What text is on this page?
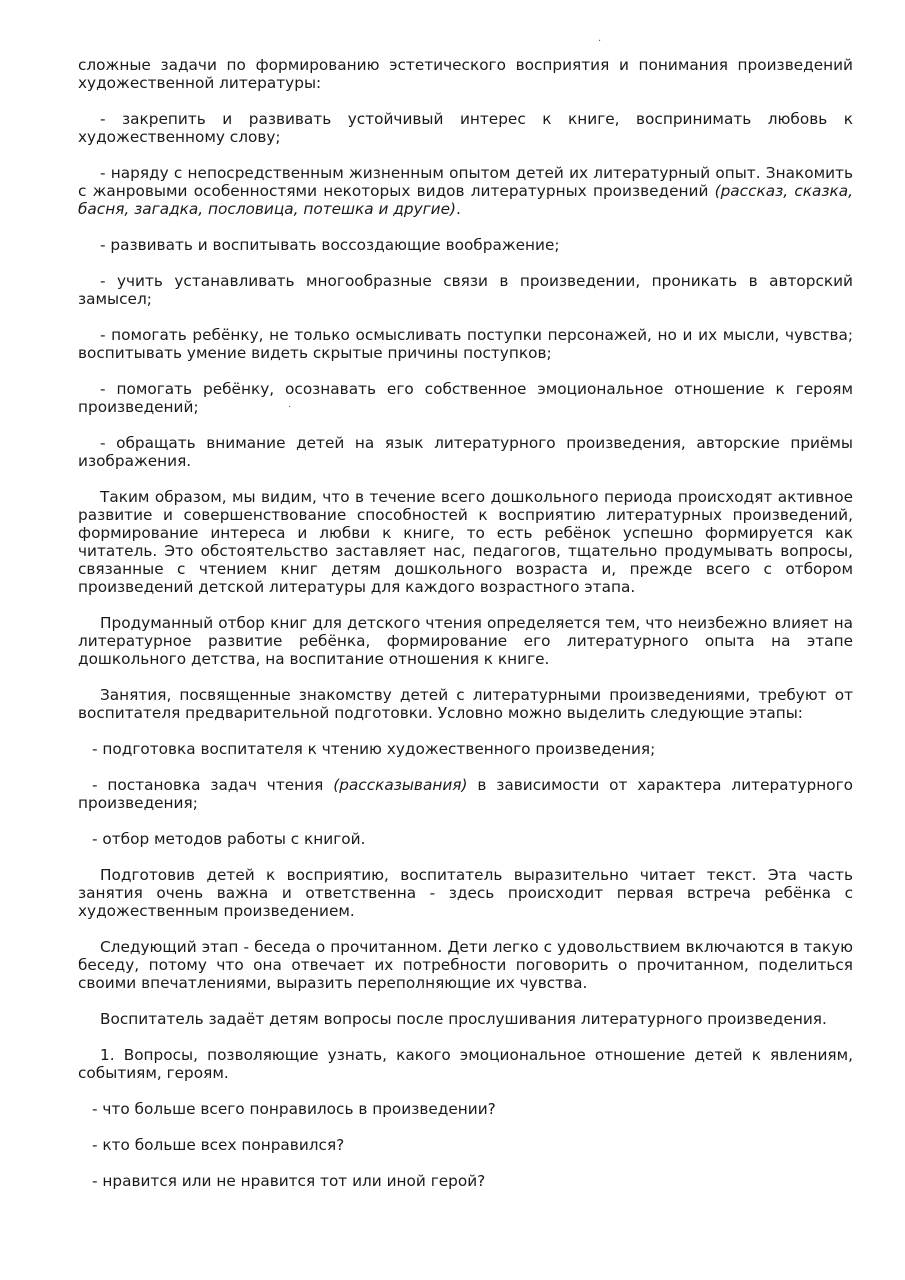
сложные задачи по формированию эстетического восприятия и понимания произведений художественной литературы:

- закрепить и развивать устойчивый интерес к книге, воспринимать любовь к художественному слову;

- наряду с непосредственным жизненным опытом детей их литературный опыт. Знакомить с жанровыми особенностями некоторых видов литературных произведений (рассказ, сказка, басня, загадка, пословица, потешка и другие).

- развивать и воспитывать воссоздающие воображение;

- учить устанавливать многообразные связи в произведении, проникать в авторский замысел;

- помогать ребёнку, не только осмысливать поступки персонажей, но и их мысли, чувства; воспитывать умение видеть скрытые причины поступков;

- помогать ребёнку, осознавать его собственное эмоциональное отношение к героям произведений;

- обращать внимание детей на язык литературного произведения, авторские приёмы изображения.

Таким образом, мы видим, что в течение всего дошкольного периода происходят активное развитие и совершенствование способностей к восприятию литературных произведений, формирование интереса и любви к книге, то есть ребёнок успешно формируется как читатель. Это обстоятельство заставляет нас, педагогов, тщательно продумывать вопросы, связанные с чтением книг детям дошкольного возраста и, прежде всего с отбором произведений детской литературы для каждого возрастного этапа.

Продуманный отбор книг для детского чтения определяется тем, что неизбежно влияет на литературное развитие ребёнка, формирование его литературного опыта на этапе дошкольного детства, на воспитание отношения к книге.

Занятия, посвященные знакомству детей с литературными произведениями, требуют от воспитателя предварительной подготовки. Условно можно выделить следующие этапы:

- подготовка воспитателя к чтению художественного произведения;

- постановка задач чтения (рассказывания) в зависимости от характера литературного произведения;

- отбор методов работы с книгой.

Подготовив детей к восприятию, воспитатель выразительно читает текст. Эта часть занятия очень важна и ответственна - здесь происходит первая встреча ребёнка с художественным произведением.

Следующий этап - беседа о прочитанном. Дети легко с удовольствием включаются в такую беседу, потому что она отвечает их потребности поговорить о прочитанном, поделиться своими впечатлениями, выразить переполняющие их чувства.

Воспитатель задаёт детям вопросы после прослушивания литературного произведения.

1. Вопросы, позволяющие узнать, какого эмоциональное отношение детей к явлениям, событиям, героям.

- что больше всего понравилось в произведении?

- кто больше всех понравился?

- нравится или не нравится тот или иной герой?

·
·
